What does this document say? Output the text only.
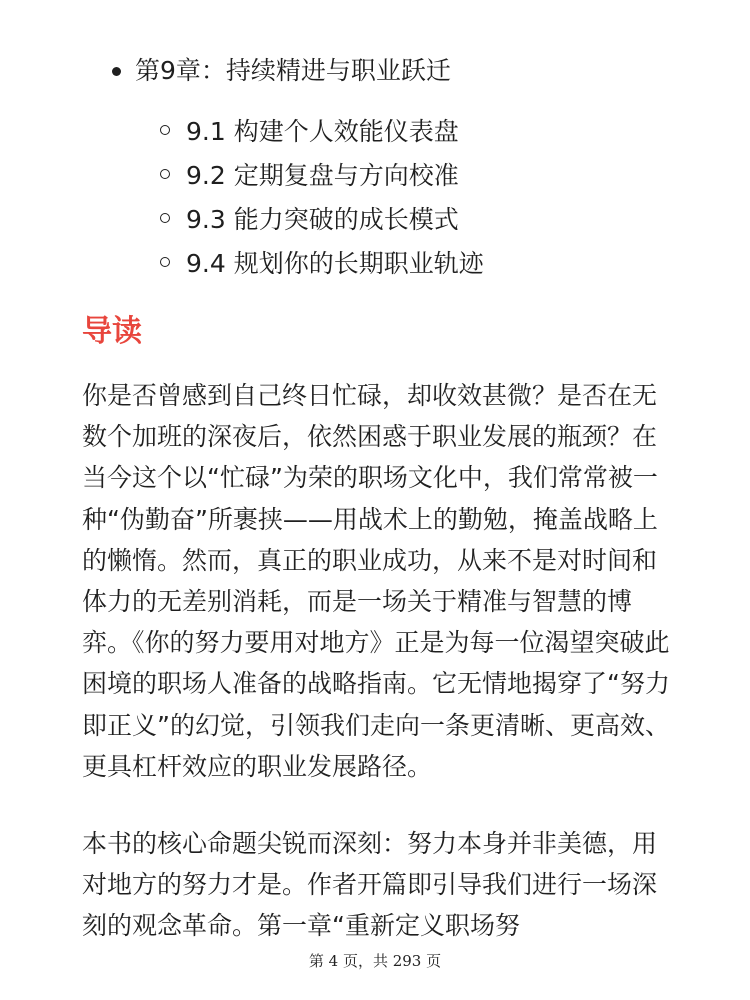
第9章：持续精进与职业跃迁
9.1 构建个人效能仪表盘
9.2 定期复盘与方向校准
9.3 能力突破的成长模式
9.4 规划你的长期职业轨迹
导读

你是否曾感到自己终日忙碌，却收效甚微？是否在无数个加班的深夜后，依然困惑于职业发展的瓶颈？在当今这个以“忙碌”为荣的职场文化中，我们常常被一种“伪勤奋”所裹挟——用战术上的勤勉，掩盖战略上的懒惰。然而，真正的职业成功，从来不是对时间和体力的无差别消耗，而是一场关于精准与智慧的博弈。《你的努力要用对地方》正是为每一位渴望突破此困境的职场人准备的战略指南。它无情地揭穿了“努力即正义”的幻觉，引领我们走向一条更清晰、更高效、更具杠杆效应的职业发展路径。

本书的核心命题尖锐而深刻：努力本身并非美德，用对地方的努力才是。作者开篇即引导我们进行一场深刻的观念革命。第一章“重新定义职场努

第 4 页，共 293 页
